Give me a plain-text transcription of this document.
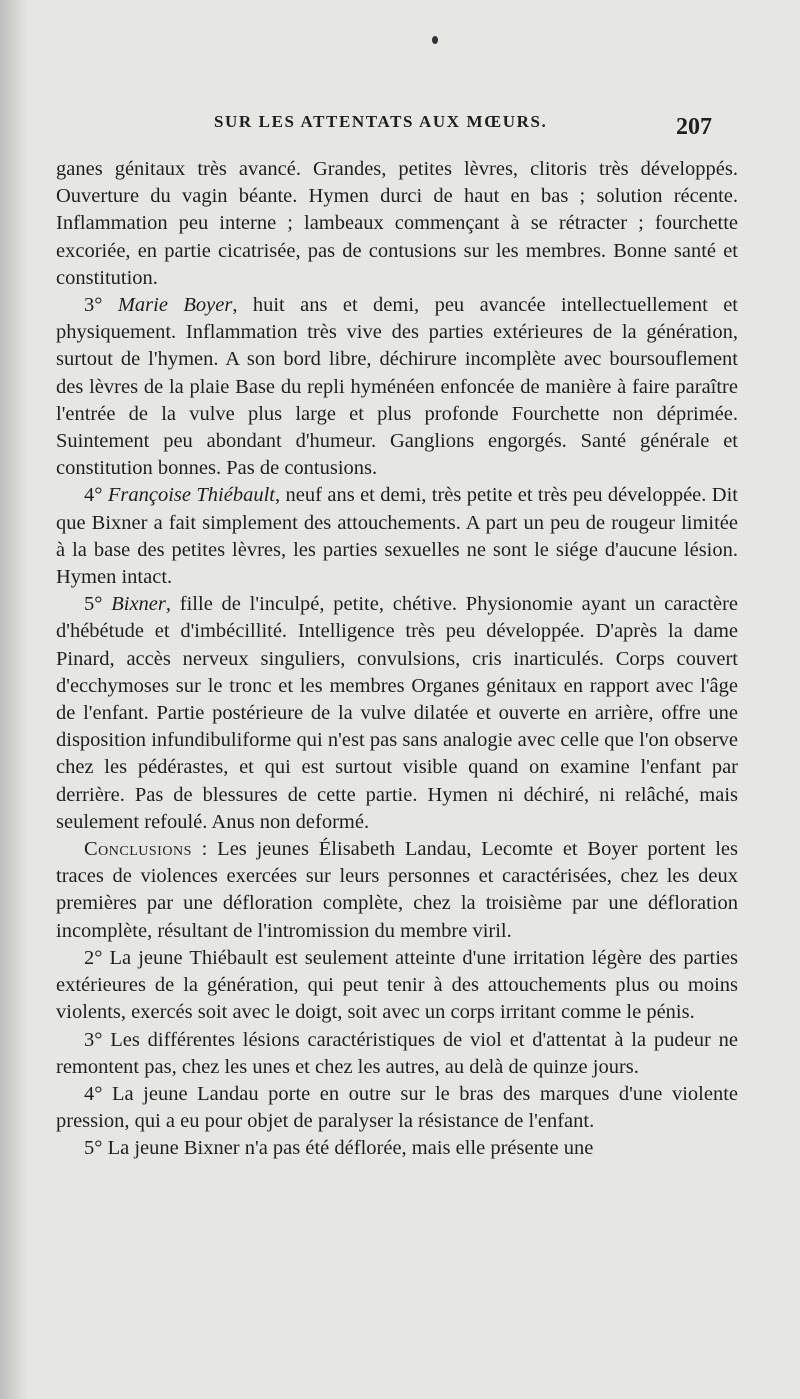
SUR LES ATTENTATS AUX MŒURS.	207

ganes génitaux très avancé. Grandes, petites lèvres, clitoris très développés. Ouverture du vagin béante. Hymen durci de haut en bas ; solution récente. Inflammation peu interne ; lambeaux commençant à se rétracter ; fourchette excoriée, en partie cicatrisée, pas de contusions sur les membres. Bonne santé et constitution.

3° Marie Boyer, huit ans et demi, peu avancée intellectuellement et physiquement. Inflammation très vive des parties extérieures de la génération, surtout de l'hymen. A son bord libre, déchirure incomplète avec boursouflement des lèvres de la plaie Base du repli hyménéen enfoncée de manière à faire paraître l'entrée de la vulve plus large et plus profonde Fourchette non déprimée. Suintement peu abondant d'humeur. Ganglions engorgés. Santé générale et constitution bonnes. Pas de contusions.

4° Françoise Thiébault, neuf ans et demi, très petite et très peu développée. Dit que Bixner a fait simplement des attouchements. A part un peu de rougeur limitée à la base des petites lèvres, les parties sexuelles ne sont le siége d'aucune lésion. Hymen intact.

5° Bixner, fille de l'inculpé, petite, chétive. Physionomie ayant un caractère d'hébétude et d'imbécillité. Intelligence très peu développée. D'après la dame Pinard, accès nerveux singuliers, convulsions, cris inarticulés. Corps couvert d'ecchymoses sur le tronc et les membres Organes génitaux en rapport avec l'âge de l'enfant. Partie postérieure de la vulve dilatée et ouverte en arrière, offre une disposition infundibuliforme qui n'est pas sans analogie avec celle que l'on observe chez les pédérastes, et qui est surtout visible quand on examine l'enfant par derrière. Pas de blessures de cette partie. Hymen ni déchiré, ni relâché, mais seulement refoulé. Anus non deformé.

Conclusions : Les jeunes Élisabeth Landau, Lecomte et Boyer portent les traces de violences exercées sur leurs personnes et caractérisées, chez les deux premières par une défloration complète, chez la troisième par une défloration incomplète, résultant de l'intromission du membre viril.

2° La jeune Thiébault est seulement atteinte d'une irritation légère des parties extérieures de la génération, qui peut tenir à des attouchements plus ou moins violents, exercés soit avec le doigt, soit avec un corps irritant comme le pénis.

3° Les différentes lésions caractéristiques de viol et d'attentat à la pudeur ne remontent pas, chez les unes et chez les autres, au delà de quinze jours.

4° La jeune Landau porte en outre sur le bras des marques d'une violente pression, qui a eu pour objet de paralyser la résistance de l'enfant.

5° La jeune Bixner n'a pas été déflorée, mais elle présente une
